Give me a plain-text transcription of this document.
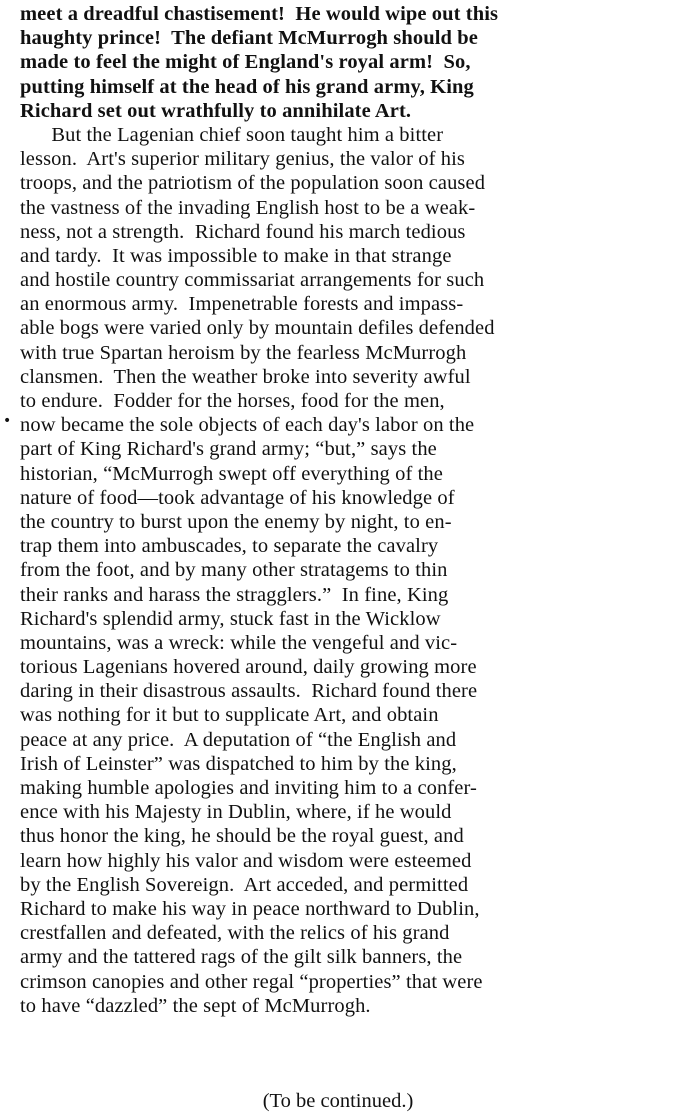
meet a dreadful chastisement!  He would wipe out this
haughty prince!  The defiant McMurrogh should be
made to feel the might of England's royal arm!  So,
putting himself at the head of his grand army, King
Richard set out wrathfully to annihilate Art.
But the Lagenian chief soon taught him a bitter
lesson.  Art's superior military genius, the valor of his
troops, and the patriotism of the population soon caused
the vastness of the invading English host to be a weak-
ness, not a strength.  Richard found his march tedious
and tardy.  It was impossible to make in that strange
and hostile country commissariat arrangements for such
an enormous army.  Impenetrable forests and impass-
able bogs were varied only by mountain defiles defended
with true Spartan heroism by the fearless McMurrogh
clansmen.  Then the weather broke into severity awful
to endure.  Fodder for the horses, food for the men,
now became the sole objects of each day's labor on the
part of King Richard's grand army; “but,” says the
historian, “McMurrogh swept off everything of the
nature of food—took advantage of his knowledge of
the country to burst upon the enemy by night, to en-
trap them into ambuscades, to separate the cavalry
from the foot, and by many other stratagems to thin
their ranks and harass the stragglers.”  In fine, King
Richard's splendid army, stuck fast in the Wicklow
mountains, was a wreck: while the vengeful and vic-
torious Lagenians hovered around, daily growing more
daring in their disastrous assaults.  Richard found there
was nothing for it but to supplicate Art, and obtain
peace at any price.  A deputation of “the English and
Irish of Leinster” was dispatched to him by the king,
making humble apologies and inviting him to a confer-
ence with his Majesty in Dublin, where, if he would
thus honor the king, he should be the royal guest, and
learn how highly his valor and wisdom were esteemed
by the English Sovereign.  Art acceded, and permitted
Richard to make his way in peace northward to Dublin,
crestfallen and defeated, with the relics of his grand
army and the tattered rags of the gilt silk banners, the
crimson canopies and other regal “properties” that were
to have “dazzled” the sept of McMurrogh.
•
(To be continued.)
